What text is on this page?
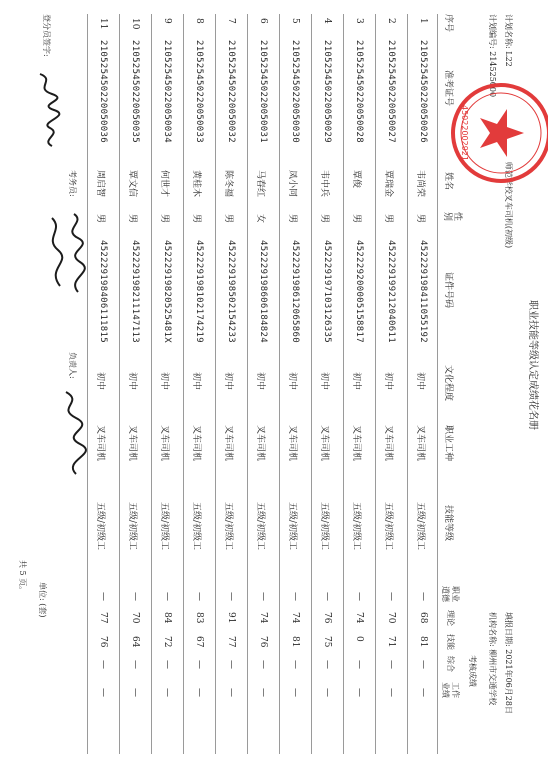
职业技能等级认定成绩花名册
计划名称: L22  师范学校叉车司机(初级)
计划编号: 214525000
填报日期: 2021年06月28日
机构名称: 柳州市交通学校
序号
准考证号
姓名
性别
证件号码
文化程度
职业工种
技能等级
考核成绩
职业道德
理论
技能
综合
工作业绩
1
210525450220050026
韦尚荣
男
452229198411055192
初中
叉车司机
五级/初级工
—
68
81
—
—
2
210525450220050027
覃瑞金
男
452229199212040611
初中
叉车司机
五级/初级工
—
70
71
—
—
3
210525450220050028
覃俊
男
452229200005158817
初中
叉车司机
五级/初级工
—
74
0
—
—
4
210525450220050029
韦中兵
男
452229197103126335
初中
叉车司机
五级/初级工
—
76
75
—
—
5
210525450220050030
凤小同
男
452229198612065860
初中
叉车司机
五级/初级工
—
74
81
—
—
6
210525450220050031
马春红
女
452229198606184824
初中
叉车司机
五级/初级工
—
74
76
—
—
7
210525450220050032
陈冬福
男
452229198502154233
初中
叉车司机
五级/初级工
—
91
77
—
—
8
210525450220050033
黄桂木
男
452229198102174219
初中
叉车司机
五级/初级工
—
83
67
—
—
9
210525450220050034
何世才
男
45222919820525481X
初中
叉车司机
五级/初级工
—
84
72
—
—
10
210525450220050035
覃文信
男
452229198211147113
初中
叉车司机
五级/初级工
—
70
64
—
—
11
210525450220050036
周启智
男
452229198406111815
初中
叉车司机
五级/初级工
—
77
76
—
—
单位: (套)
共 5 页。
登分员签字:
考务员:
负责人:
45022002921
